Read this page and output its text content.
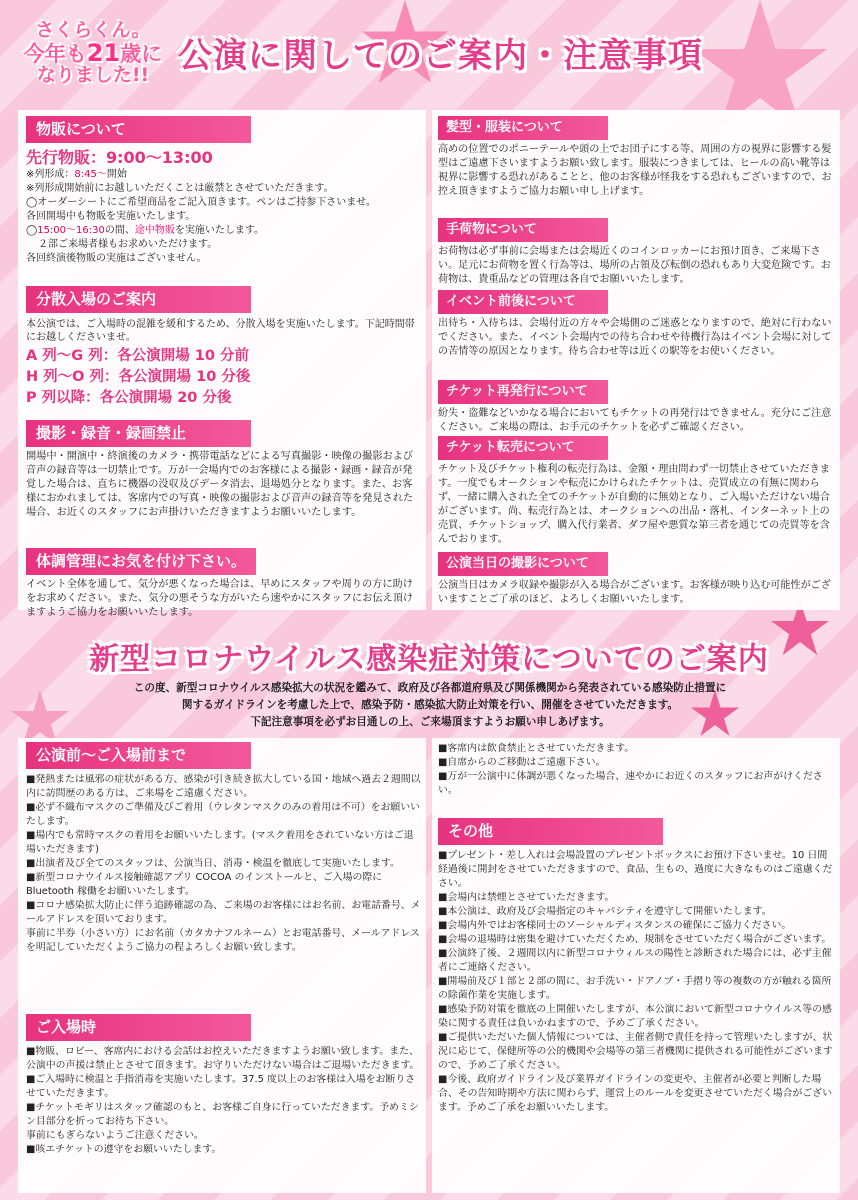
さくらくん。
今年も21歳に
なりました!! 公演に関してのご案内・注意事項
物販について
先行物販：9:00〜13:00

※列形成：8:45〜開始

※列形成開始前にお越しいただくことは厳禁とさせていただきます。

◯オーダーシートにご希望商品をご記入頂きます。ペンはご持参下さいませ。

各回開場中も物販を実施いたします。

◯15:00〜16:30の間、途中物販を実施いたします。

２部ご来場者様もお求めいただけます。

各回終演後物販の実施はございません。

分散入場のご案内
本公演では、ご入場時の混雑を緩和するため、分散入場を実施いたします。下記時間帯にお越しくださいませ。
A 列〜G 列：各公演開場 10 分前
H 列〜O 列：各公演開場 10 分後
P 列以降：各公演開場 20 分後
撮影・録音・録画禁止
開場中・開演中・終演後のカメラ・携帯電話などによる写真撮影・映像の撮影および音声の録音等は一切禁止です。万が一会場内でのお客様による撮影・録画・録音が発覚した場合は、直ちに機器の没収及びデータ消去、退場処分となります。また、お客様におかれましては、客席内での写真・映像の撮影および音声の録音等を発見された場合、お近くのスタッフにお声掛けいただきますようお願いいたします。
体調管理にお気を付け下さい。
イベント全体を通して、気分が悪くなった場合は、早めにスタッフや周りの方に助けをお求めください。また、気分の悪そうな方がいたら速やかにスタッフにお伝え頂けますようご協力をお願いいたします。
髪型・服装について
高めの位置でのポニーテールや頭の上でお団子にする等、周囲の方の視界に影響する髪型はご遠慮下さいますようお願い致します。服装につきましては、ヒールの高い靴等は視界に影響する恐れがあることと、他のお客様が怪我をする恐れもございますので、お控え頂きますようご協力お願い申し上げます。
手荷物について
お荷物は必ず事前に会場または会場近くのコインロッカーにお預け頂き、ご来場下さい。足元にお荷物を置く行為等は、場所の占領及び転倒の恐れもあり大変危険です。お荷物は、貴重品などの管理は各自でお願いいたします。
イベント前後について
出待ち・入待ちは、会場付近の方々や会場側のご迷惑となりますので、絶対に行わないでください。また、イベント会場内での待ち合わせや待機行為はイベント会場に対しての苦情等の原因となります。待ち合わせ等は近くの駅等をお使いください。
チケット再発行について
紛失・盗難などいかなる場合においてもチケットの再発行はできません。充分にご注意ください。ご来場の際は、お手元のチケットを必ずご確認ください。
チケット転売について
チケット及びチケット権利の転売行為は、金額・理由問わず一切禁止させていただきます。一度でもオークションや転売にかけられたチケットは、売買成立の有無に関わらず、一緒に購入された全てのチケットが自動的に無効となり、ご入場いただけない場合がございます。尚、転売行為とは、オークションへの出品・落札、インターネット上の売買、チケットショップ、購入代行業者、ダフ屋や悪質な第三者を通じての売買等を含んでおります。
公演当日の撮影について
公演当日はカメラ収録や撮影が入る場合がございます。お客様が映り込む可能性がございますことご了承のほど、よろしくお願いいたします。
新型コロナウイルス感染症対策についてのご案内
この度、新型コロナウイルス感染拡大の状況を鑑みて、政府及び各都道府県及び関係機関から発表されている感染防止措置に
関するガイドラインを考慮した上で、感染予防・感染拡大防止対策を行い、開催をさせていただきます。
下記注意事項を必ずお目通しの上、ご来場頂ますようお願い申しあげます。
公演前〜ご入場前まで

■発熱または風邪の症状がある方、感染が引き続き拡大している国・地域へ過去２週間以内に訪問歴のある方は、ご来場をご遠慮ください。

■必ず不織布マスクのご準備及びご着用（ウレタンマスクのみの着用は不可）をお願いいたします。

■場内でも常時マスクの着用をお願いいたします。(マスク着用をされていない方はご退場いただきます)

■出演者及び全てのスタッフは、公演当日、消毒・検温を徹底して実施いたします。

■新型コロナウイルス接触確認アプリ COCOA のインストールと、ご入場の際に Bluetooth 稼働をお願いいたします。

■コロナ感染拡大防止に伴う追跡確認の為、ご来場のお客様にはお名前、お電話番号、メールアドレスを頂いております。

事前に半券（小さい方）にお名前（カタカナフルネーム）とお電話番号、メールアドレスを明記していただくようご協力の程よろしくお願い致します。

ご入場時

■物販、ロビー、客席内における会話はお控えいただきますようお願い致します。また、公演中の声援は禁止とさせて頂きます。お守りいただけない場合はご退場いただきます。

■ご入場時に検温と手指消毒を実施いたします。37.5 度以上のお客様は入場をお断りさせていただきます。

■チケットモギリはスタッフ確認のもと、お客様ご自身に行っていただきます。予めミシン目部分を折ってお待ち下さい。

事前にもぎらないようご注意ください。

■咳エチケットの遵守をお願いいたします。

■客席内は飲食禁止とさせていただきます。

■自席からのご移動はご遠慮下さい。

■万が一公演中に体調が悪くなった場合、速やかにお近くのスタッフにお声がけください。

その他

■プレゼント・差し入れは会場設置のプレゼントボックスにお預け下さいませ。10 日間経過後に開封をさせていただきますので、食品、生もの、過度に大きなものはご遠慮ください。

■会場内は禁煙とさせていただきます。

■本公演は、政府及び会場指定のキャパシティを遵守して開催いたします。

■会場内外ではお客様同士のソーシャルディスタンスの確保にご協力ください。

■会場の退場時は密集を避けていただくため、規制をさせていただく場合がございます。

■公演終了後、２週間以内に新型コロナウィルスの陽性と診断された場合には、必ず主催者にご連絡ください。

■開場前及び１部と２部の間に、お手洗い・ドアノブ・手摺り等の複数の方が触れる箇所の除菌作業を実施します。

■感染予防対策を徹底の上開催いたしますが、本公演において新型コロナウイルス等の感染に関する責任は負いかねますので、予めご了承ください。

■ご提供いただいた個人情報については、主催者側で責任を持って管理いたしますが、状況に応じて、保健所等の公的機関や会場等の第三者機関に提供される可能性がございますので、予めご了承ください。

■今後、政府ガイドライン及び業界ガイドラインの変更や、主催者が必要と判断した場合、その告知時期や方法に関わらず、運営上のルールを変更させていただく場合がございます。予めご了承をお願いいたします。
